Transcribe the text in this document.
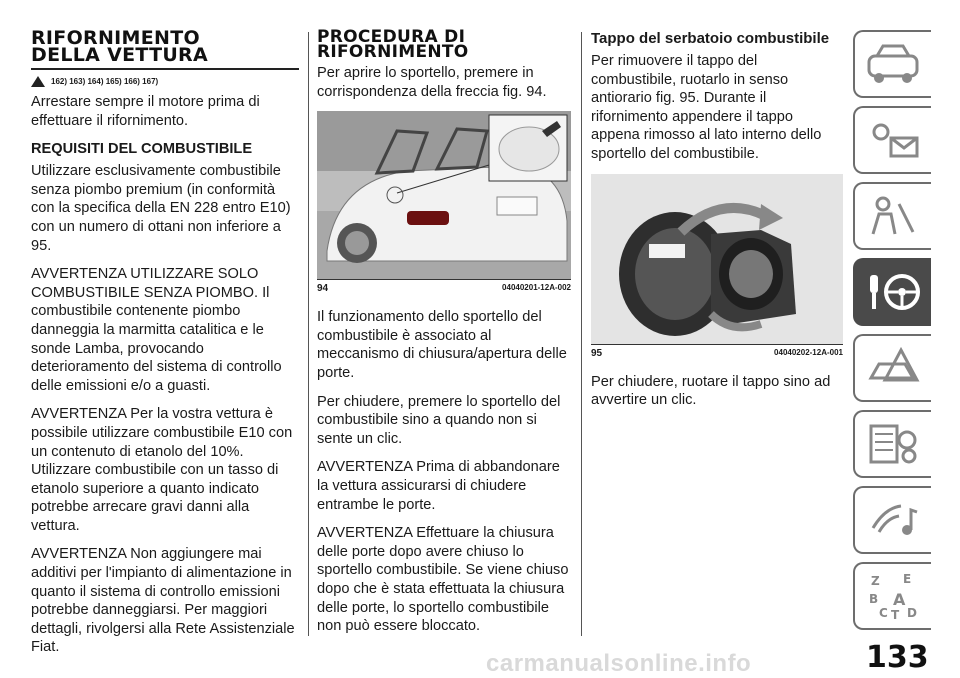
RIFORNIMENTO
DELLA VETTURA
162) 163) 164) 165) 166) 167)

Arrestare sempre il motore prima di effettuare il rifornimento.

REQUISITI DEL COMBUSTIBILE

Utilizzare esclusivamente combustibile senza piombo premium (in conformità con la specifica della EN 228 entro E10) con un numero di ottani non inferiore a 95.

AVVERTENZA UTILIZZARE SOLO COMBUSTIBILE SENZA PIOMBO. Il combustibile contenente piombo danneggia la marmitta catalitica e le sonde Lamba, provocando deterioramento del sistema di controllo delle emissioni e/o a guasti.

AVVERTENZA Per la vostra vettura è possibile utilizzare combustibile E10 con un contenuto di etanolo del 10%. Utilizzare combustibile con un tasso di etanolo superiore a quanto indicato potrebbe arrecare gravi danni alla vettura.

AVVERTENZA Non aggiungere mai additivi per l'impianto di alimentazione in quanto il sistema di controllo emissioni potrebbe danneggiarsi. Per maggiori dettagli, rivolgersi alla Rete Assistenziale Fiat.

PROCEDURA DI
RIFORNIMENTO

Per aprire lo sportello, premere in corrispondenza della freccia fig. 94.

94	04040201-12A-002

Il funzionamento dello sportello del combustibile è associato al meccanismo di chiusura/apertura delle porte.

Per chiudere, premere lo sportello del combustibile sino a quando non si sente un clic.

AVVERTENZA Prima di abbandonare la vettura assicurarsi di chiudere entrambe le porte.

AVVERTENZA Effettuare la chiusura delle porte dopo avere chiuso lo sportello combustibile. Se viene chiuso dopo che è stata effettuata la chiusura delle porte, lo sportello combustibile non può essere bloccato.

Tappo del serbatoio combustibile

Per rimuovere il tappo del combustibile, ruotarlo in senso antiorario fig. 95. Durante il rifornimento appendere il tappo appena rimosso al lato interno dello sportello del combustibile.

95	04040202-12A-001

Per chiudere, ruotare il tappo sino ad avvertire un clic.

Z E
B A
C T D
carmanualsonline.info	133
